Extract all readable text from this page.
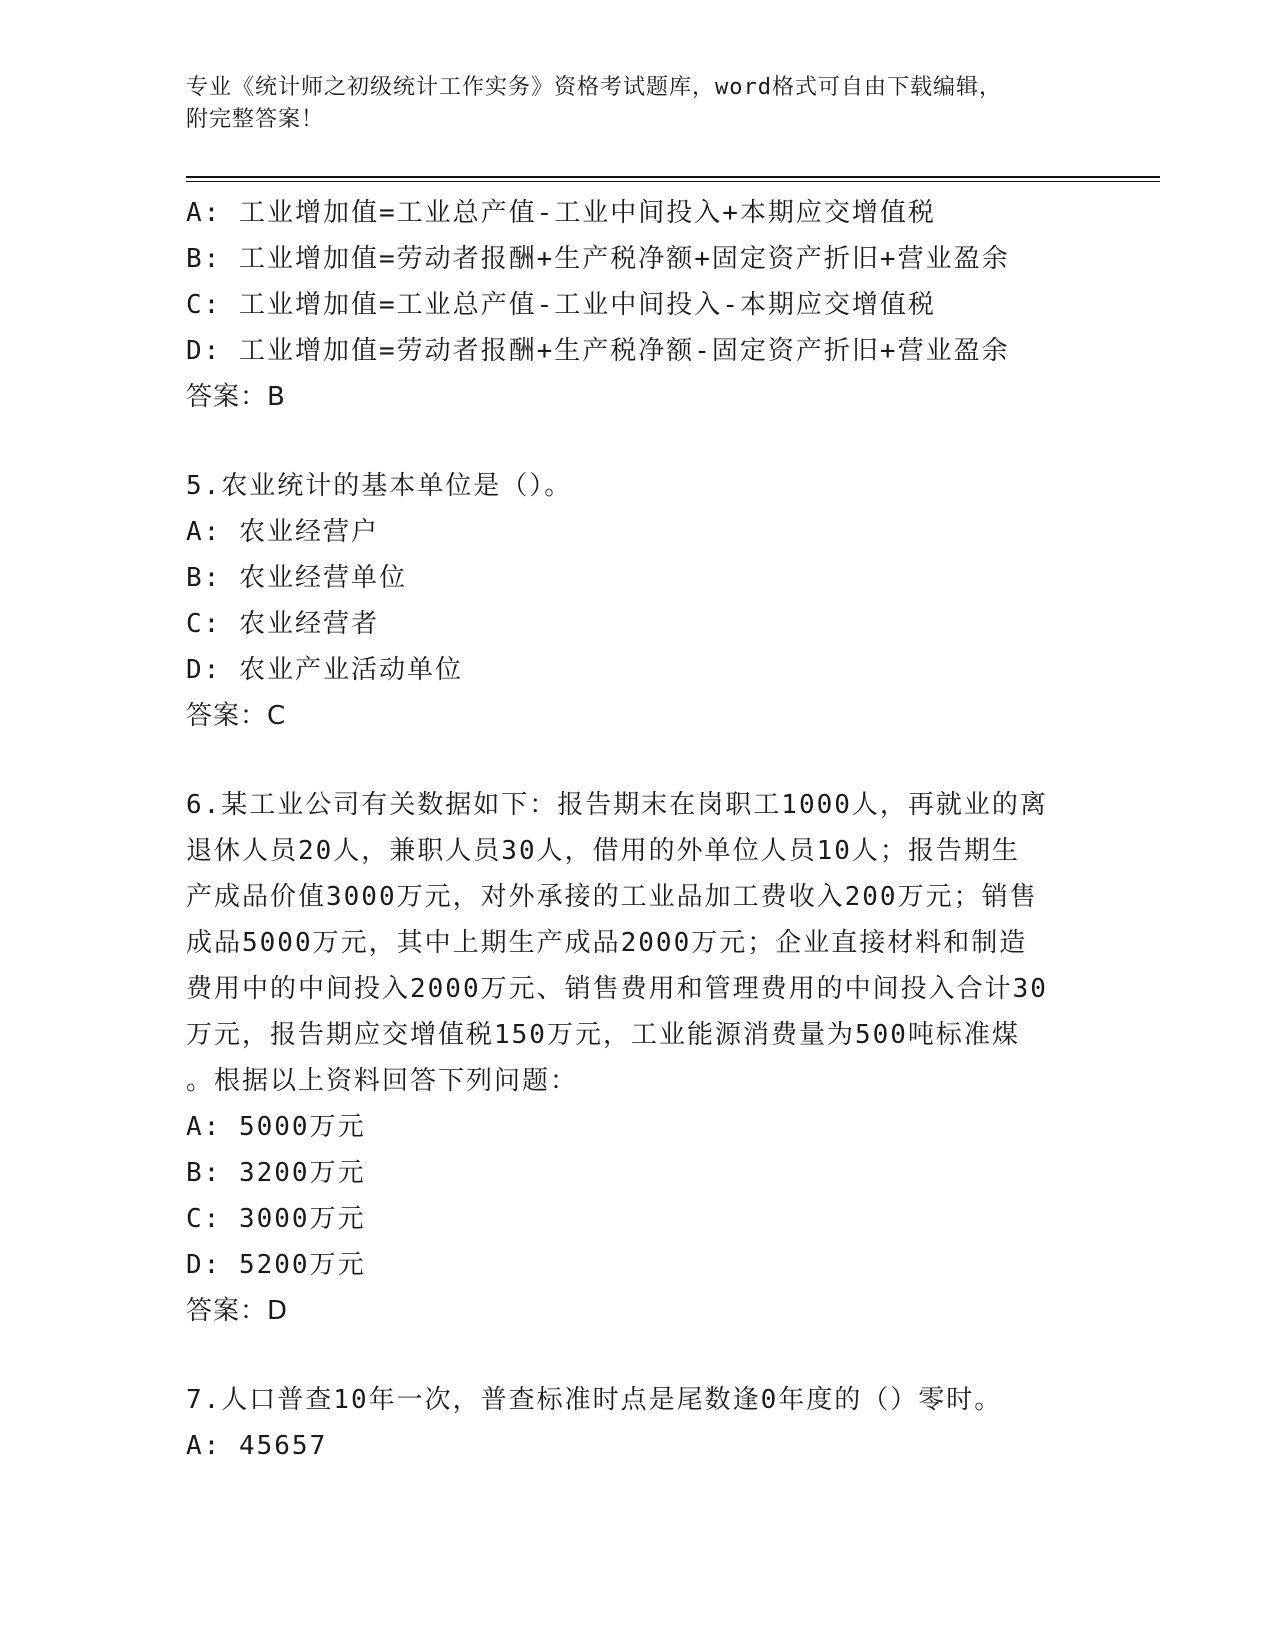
专业《统计师之初级统计工作实务》资格考试题库，word格式可自由下载编辑，
附完整答案！
A: 工业增加值=工业总产值-工业中间投入+本期应交增值税
B: 工业增加值=劳动者报酬+生产税净额+固定资产折旧+营业盈余
C: 工业增加值=工业总产值-工业中间投入-本期应交增值税
D: 工业增加值=劳动者报酬+生产税净额-固定资产折旧+营业盈余
答案：B
5.农业统计的基本单位是（）。
A: 农业经营户
B: 农业经营单位
C: 农业经营者
D: 农业产业活动单位
答案：C
6.某工业公司有关数据如下：报告期末在岗职工1000人，再就业的离
退休人员20人，兼职人员30人，借用的外单位人员10人；报告期生
产成品价值3000万元，对外承接的工业品加工费收入200万元；销售
成品5000万元，其中上期生产成品2000万元；企业直接材料和制造
费用中的中间投入2000万元、销售费用和管理费用的中间投入合计30
万元，报告期应交增值税150万元，工业能源消费量为500吨标准煤
。根据以上资料回答下列问题：
A: 5000万元
B: 3200万元
C: 3000万元
D: 5200万元
答案：D
7.人口普查10年一次，普查标准时点是尾数逢0年度的（）零时。
A: 45657
